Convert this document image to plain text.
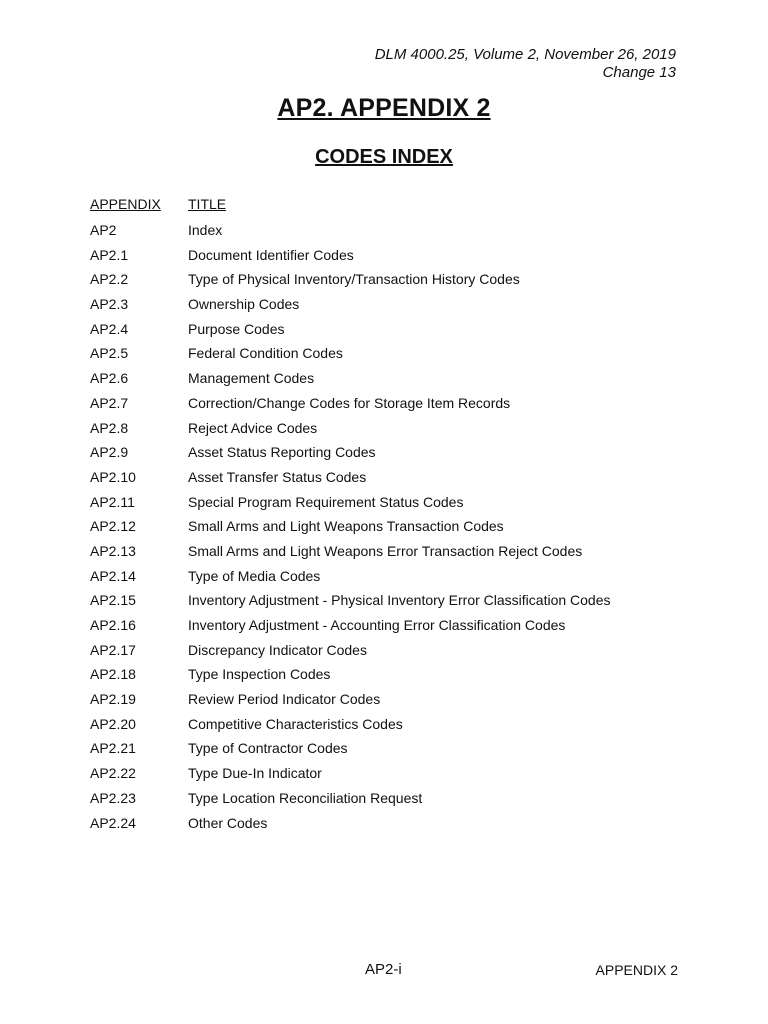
DLM 4000.25, Volume 2, November 26, 2019
Change 13
AP2. APPENDIX 2
CODES INDEX
APPENDIX	TITLE
AP2	Index
AP2.1	Document Identifier Codes
AP2.2	Type of Physical Inventory/Transaction History Codes
AP2.3	Ownership Codes
AP2.4	Purpose Codes
AP2.5	Federal Condition Codes
AP2.6	Management Codes
AP2.7	Correction/Change Codes for Storage Item Records
AP2.8	Reject Advice Codes
AP2.9	Asset Status Reporting Codes
AP2.10	Asset Transfer Status Codes
AP2.11	Special Program Requirement Status Codes
AP2.12	Small Arms and Light Weapons Transaction Codes
AP2.13	Small Arms and Light Weapons Error Transaction Reject Codes
AP2.14	Type of Media Codes
AP2.15	Inventory Adjustment - Physical Inventory Error Classification Codes
AP2.16	Inventory Adjustment - Accounting Error Classification Codes
AP2.17	Discrepancy Indicator Codes
AP2.18	Type Inspection Codes
AP2.19	Review Period Indicator Codes
AP2.20	Competitive Characteristics Codes
AP2.21	Type of Contractor Codes
AP2.22	Type Due-In Indicator
AP2.23	Type Location Reconciliation Request
AP2.24	Other Codes
AP2-i	APPENDIX 2
